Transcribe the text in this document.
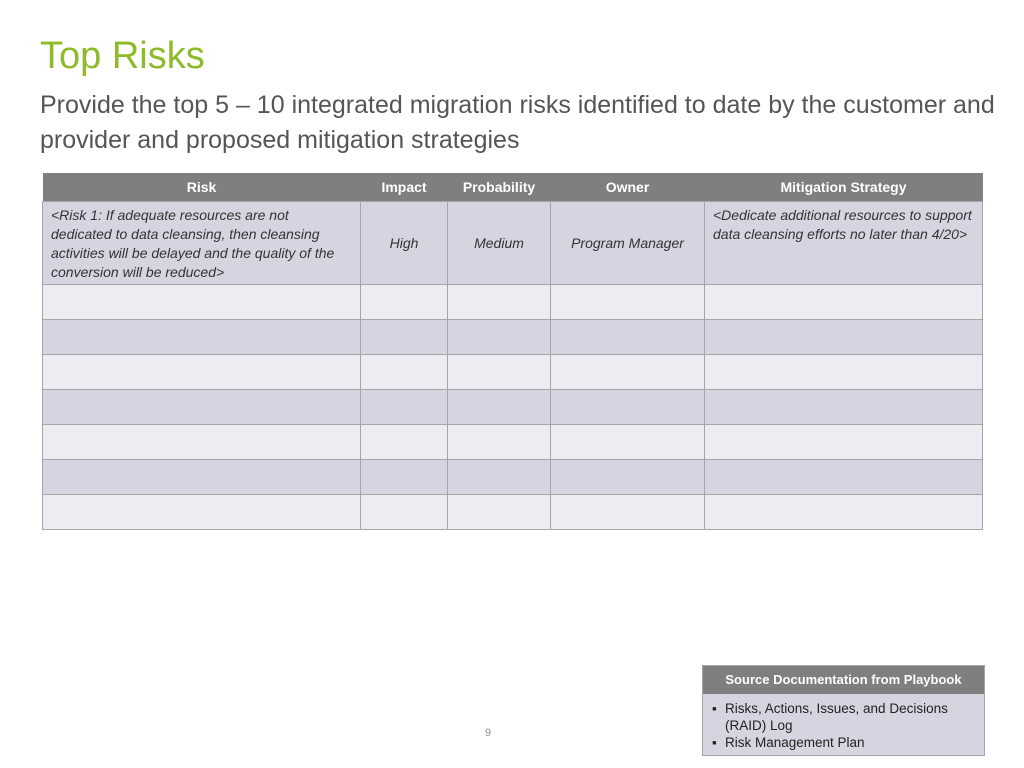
Top Risks
Provide the top 5 – 10 integrated migration risks identified to date by the customer and provider and proposed mitigation strategies
Risk	Impact	Probability	Owner	Mitigation Strategy
<Risk 1: If adequate resources are not dedicated to data cleansing, then cleansing activities will be delayed and the quality of the conversion will be reduced>	High	Medium	Program Manager	<Dedicate additional resources to support data cleansing efforts no later than 4/20>

Source Documentation from Playbook
▪ Risks, Actions, Issues, and Decisions (RAID) Log
▪ Risk Management Plan
9
